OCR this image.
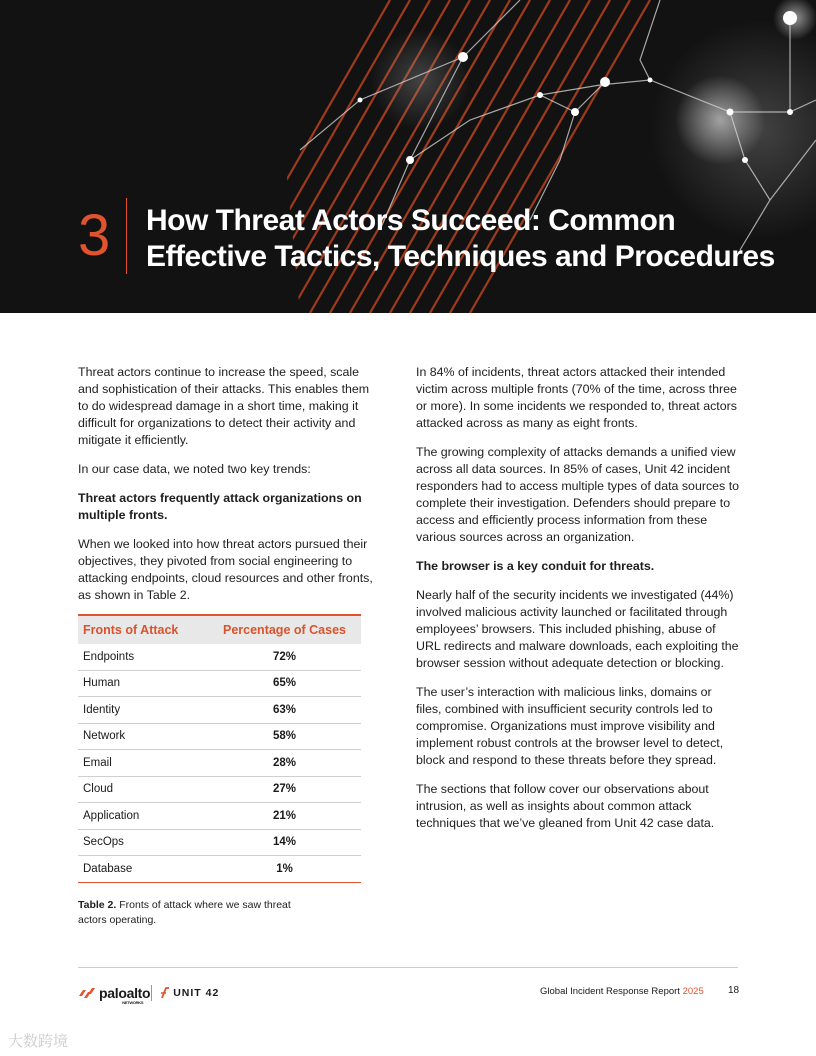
3 How Threat Actors Succeed: Common
Effective Tactics, Techniques and Procedures

Threat actors continue to increase the speed, scale and sophistication of their attacks. This enables them to do widespread damage in a short time, making it difficult for organizations to detect their activity and mitigate it efficiently.

In our case data, we noted two key trends:

Threat actors frequently attack organizations on multiple fronts.

When we looked into how threat actors pursued their objectives, they pivoted from social engineering to attacking endpoints, cloud resources and other fronts, as shown in Table 2.

Fronts of Attack	Percentage of Cases
Endpoints	72%
Human	65%
Identity	63%
Network	58%
Email	28%
Cloud	27%
Application	21%
SecOps	14%
Database	1%
Table 2. Fronts of attack where we saw threat actors operating.

In 84% of incidents, threat actors attacked their intended victim across multiple fronts (70% of the time, across three or more). In some incidents we responded to, threat actors attacked across as many as eight fronts.

The growing complexity of attacks demands a unified view across all data sources. In 85% of cases, Unit 42 incident responders had to access multiple types of data sources to complete their investigation. Defenders should prepare to access and efficiently process information from these various sources across an organization.

The browser is a key conduit for threats.

Nearly half of the security incidents we investigated (44%) involved malicious activity launched or facilitated through employees’ browsers. This included phishing, abuse of URL redirects and malware downloads, each exploiting the browser session without adequate detection or blocking.

The user’s interaction with malicious links, domains or files, combined with insufficient security controls led to compromise. Organizations must improve visibility and implement robust controls at the browser level to detect, block and respond to these threats before they spread.

The sections that follow cover our observations about intrusion, as well as insights about common attack techniques that we’ve gleaned from Unit 42 case data.

paloalto$_{NETWORKS}$
UNIT 42	Global Incident Response Report 2025 18
大数跨境
